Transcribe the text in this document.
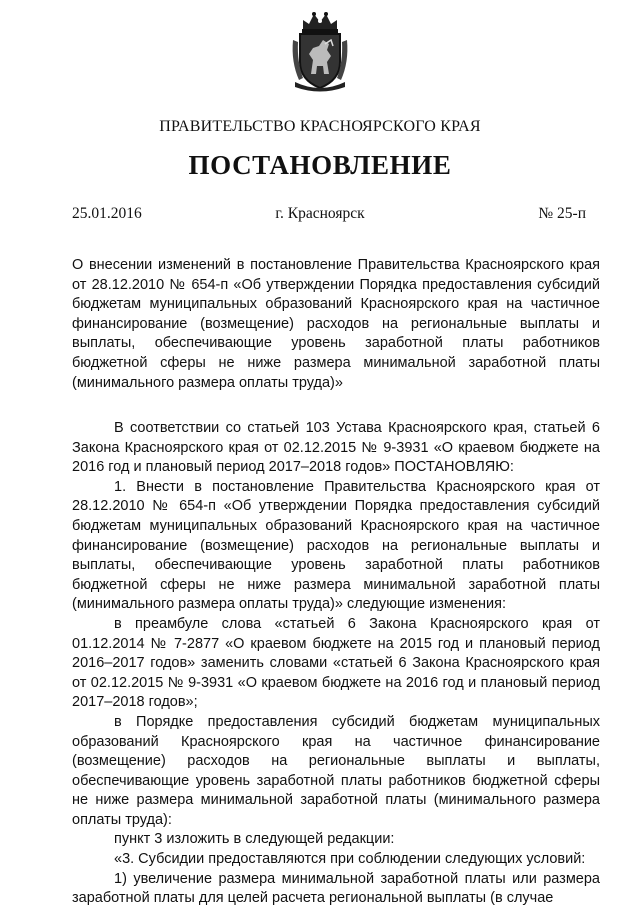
ПРАВИТЕЛЬСТВО КРАСНОЯРСКОГО КРАЯ
ПОСТАНОВЛЕНИЕ
г. Красноярск
25.01.2016	№ 25-п
О внесении изменений в постановление Правительства Красноярского края от 28.12.2010 № 654-п «Об утверждении Порядка предоставления субсидий бюджетам муниципальных образований Красноярского края на частичное финансирование (возмещение) расходов на региональные выплаты и выплаты, обеспечивающие уровень заработной платы работников бюджетной сферы не ниже размера минимальной заработной платы (минимального размера оплаты труда)»

В соответствии со статьей 103 Устава Красноярского края, статьей 6 Закона Красноярского края от 02.12.2015 № 9-3931 «О краевом бюджете на 2016 год и плановый период 2017–2018 годов» ПОСТАНОВЛЯЮ:

1. Внести в постановление Правительства Красноярского края от 28.12.2010 № 654-п «Об утверждении Порядка предоставления субсидий бюджетам муниципальных образований Красноярского края на частичное финансирование (возмещение) расходов на региональные выплаты и выплаты, обеспечивающие уровень заработной платы работников бюджетной сферы не ниже размера минимальной заработной платы (минимального размера оплаты труда)» следующие изменения:

в преамбуле слова «статьей 6 Закона Красноярского края от 01.12.2014 № 7-2877 «О краевом бюджете на 2015 год и плановый период 2016–2017 годов» заменить словами «статьей 6 Закона Красноярского края от 02.12.2015 № 9-3931 «О краевом бюджете на 2016 год и плановый период 2017–2018 годов»;

в Порядке предоставления субсидий бюджетам муниципальных образований Красноярского края на частичное финансирование (возмещение) расходов на региональные выплаты и выплаты, обеспечивающие уровень заработной платы работников бюджетной сферы не ниже размера минимальной заработной платы (минимального размера оплаты труда):

пункт 3 изложить в следующей редакции:

«3. Субсидии предоставляются при соблюдении следующих условий:

1) увеличение размера минимальной заработной платы или размера заработной платы для целей расчета региональной выплаты (в случае
